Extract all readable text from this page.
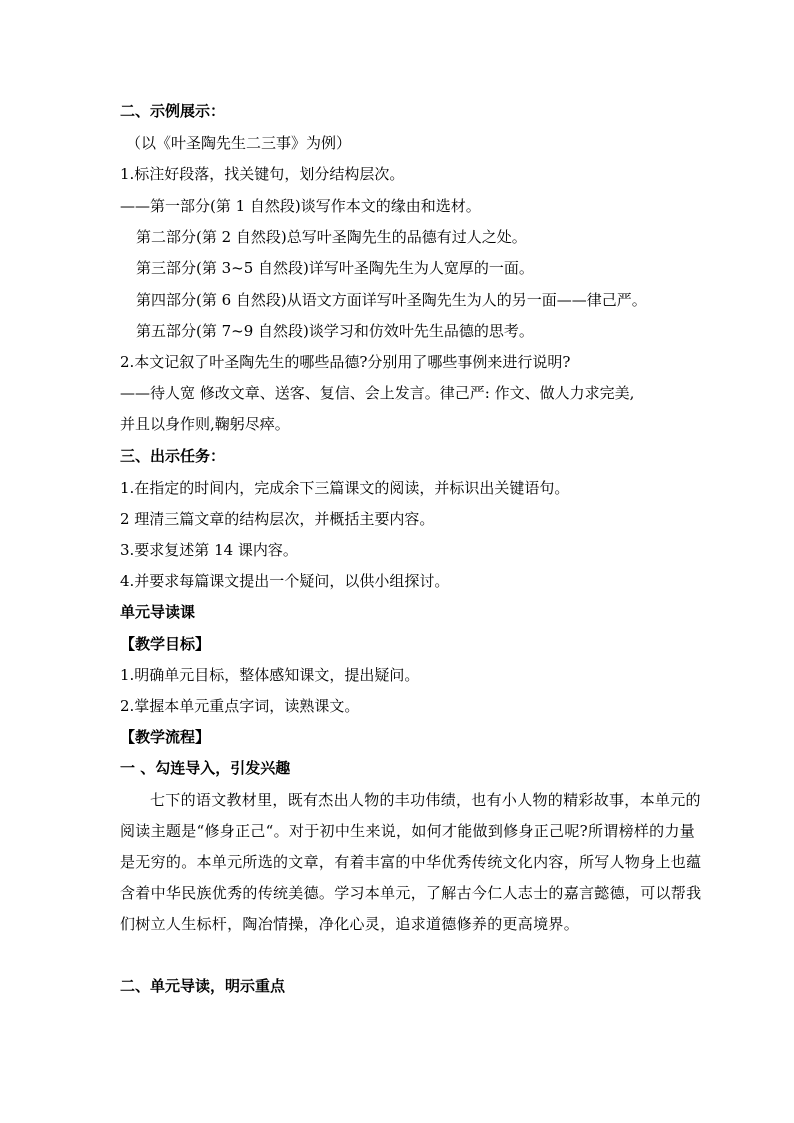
二、示例展示：
（以《叶圣陶先生二三事》为例）
1.标注好段落，找关键句，划分结构层次。
——第一部分(第 1 自然段)谈写作本文的缘由和选材。
第二部分(第 2 自然段)总写叶圣陶先生的品德有过人之处。
第三部分(第 3~5 自然段)详写叶圣陶先生为人宽厚的一面。
第四部分(第 6 自然段)从语文方面详写叶圣陶先生为人的另一面——律己严。
第五部分(第 7~9 自然段)谈学习和仿效叶先生品德的思考。
2.本文记叙了叶圣陶先生的哪些品德?分别用了哪些事例来进行说明?
——待人宽 修改文章、送客、复信、会上发言。律己严: 作文、做人力求完美,
并且以身作则,鞠躬尽瘁。
三、出示任务：
1.在指定的时间内，完成余下三篇课文的阅读，并标识出关键语句。
2 理清三篇文章的结构层次，并概括主要内容。
3.要求复述第 14 课内容。
4.并要求每篇课文提出一个疑问，以供小组探讨。
单元导读课
【教学目标】
1.明确单元目标，整体感知课文，提出疑问。
2.掌握本单元重点字词，读熟课文。
【教学流程】
一 、勾连导入，引发兴趣
七下的语文教材里，既有杰出人物的丰功伟绩，也有小人物的精彩故事，本单元的阅读主题是“修身正己“。对于初中生来说，如何才能做到修身正己呢?所谓榜样的力量是无穷的。本单元所选的文章，有着丰富的中华优秀传统文化内容，所写人物身上也蕴含着中华民族优秀的传统美德。学习本单元，了解古今仁人志士的嘉言懿德，可以帮我们树立人生标杆，陶冶情操，净化心灵，追求道德修养的更高境界。
二、单元导读，明示重点
